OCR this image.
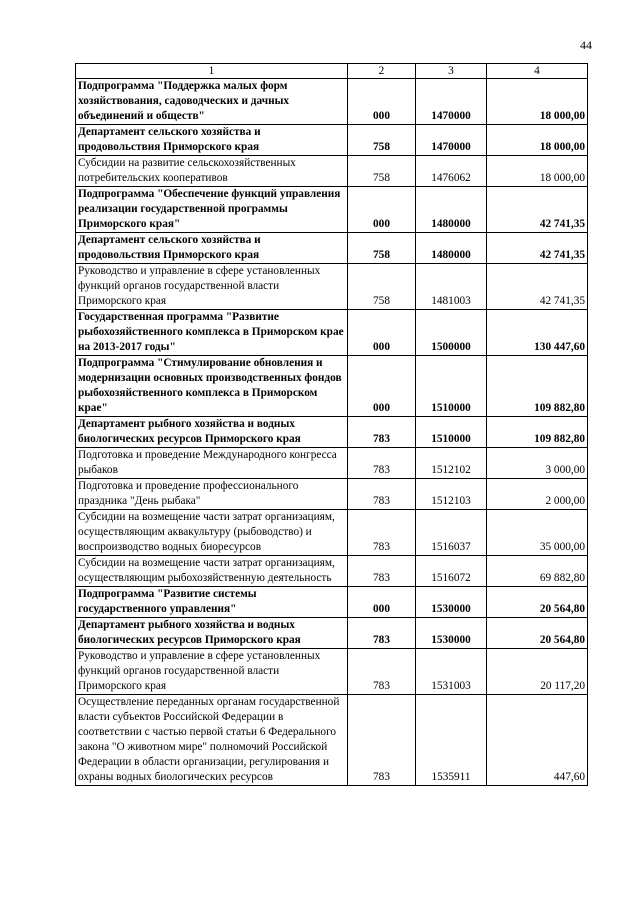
44
1	2	3	4
Подпрограмма "Поддержка малых форм хозяйствования, садоводческих и дачных объединений и обществ"	000	1470000	18 000,00
Департамент сельского хозяйства и продовольствия Приморского края	758	1470000	18 000,00
Субсидии на развитие сельскохозяйственных потребительских кооперативов	758	1476062	18 000,00
Подпрограмма "Обеспечение функций управления реализации государственной программы Приморского края"	000	1480000	42 741,35
Департамент сельского хозяйства и продовольствия Приморского края	758	1480000	42 741,35
Руководство и управление в сфере установленных функций органов государственной власти Приморского края	758	1481003	42 741,35
Государственная программа "Развитие рыбохозяйственного комплекса в Приморском крае на 2013-2017 годы"	000	1500000	130 447,60
Подпрограмма "Стимулирование обновления и модернизации основных производственных фондов рыбохозяйственного комплекса в Приморском крае"	000	1510000	109 882,80
Департамент рыбного хозяйства и водных биологических ресурсов Приморского края	783	1510000	109 882,80
Подготовка и проведение Международного конгресса рыбаков	783	1512102	3 000,00
Подготовка и проведение профессионального праздника "День рыбака"	783	1512103	2 000,00
Субсидии на возмещение части затрат организациям, осуществляющим аквакультуру (рыбоводство) и воспроизводство водных биоресурсов	783	1516037	35 000,00
Субсидии на возмещение части затрат организациям, осуществляющим рыбохозяйственную деятельность	783	1516072	69 882,80
Подпрограмма "Развитие системы государственного управления"	000	1530000	20 564,80
Департамент рыбного хозяйства и водных биологических ресурсов Приморского края	783	1530000	20 564,80
Руководство и управление в сфере установленных функций органов государственной власти Приморского края	783	1531003	20 117,20
Осуществление переданных органам государственной власти субъектов Российской Федерации в соответствии с частью первой статьи 6 Федерального закона "О животном мире" полномочий Российской Федерации в области организации, регулирования и охраны водных биологических ресурсов	783	1535911	447,60
